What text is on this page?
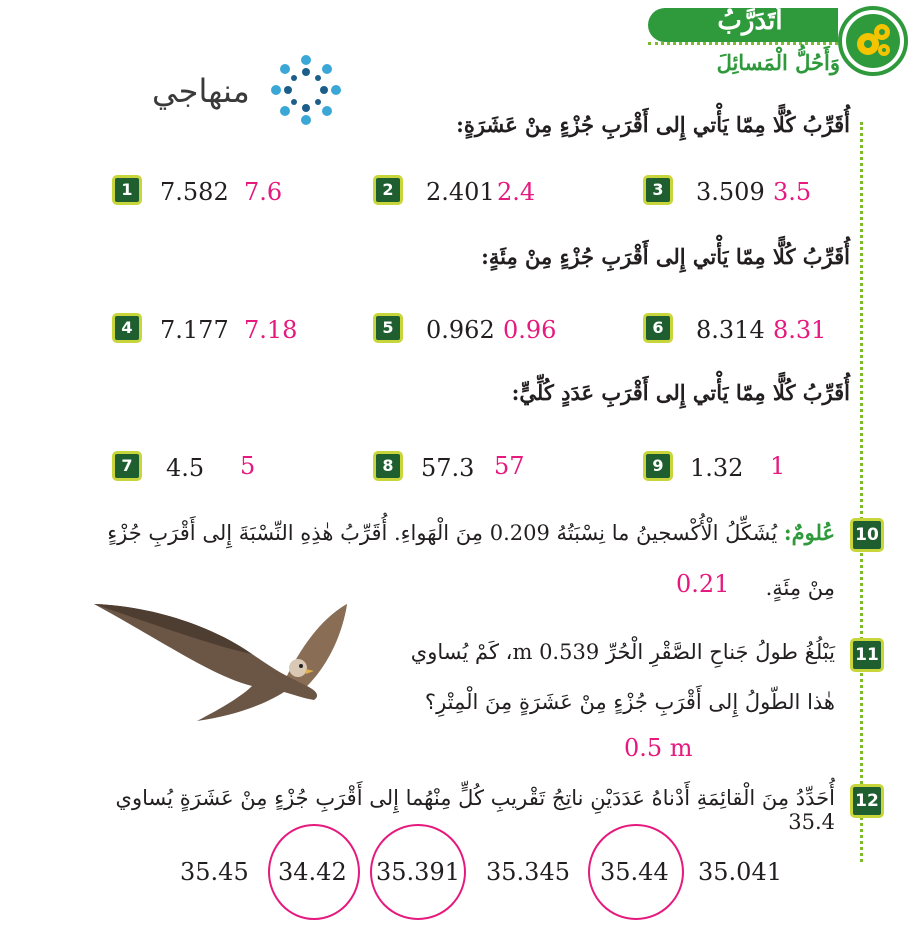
أَتَدَرَّبُ
وَأَحُلُّ الْمَسائِلَ
منهاجي
أُقَرِّبُ كُلًّا مِمّا يَأْتي إِلى أَقْرَبِ جُزْءٍ مِنْ عَشَرَةٍ:
أُقَرِّبُ كُلًّا مِمّا يَأْتي إِلى أَقْرَبِ جُزْءٍ مِنْ مِئَةٍ:
أُقَرِّبُ كُلًّا مِمّا يَأْتي إِلى أَقْرَبِ عَدَدٍ كُلِّيٍّ:
1	7.582 7.6	2	2.401 2.4	3	3.509 3.5
4	7.177 7.18	5	0.962 0.96	6	8.314 8.31
7	4.5 5	8	57.3 57	9	1.32 1
10
عُلومٌ: يُشَكِّلُ الْأُكْسجينُ ما نِسْبَتُهُ 0.209 مِنَ الْهَواءِ. أُقَرِّبُ هٰذِهِ النِّسْبَةَ إِلى أَقْرَبِ جُزْءٍ
مِنْ مِئَةٍ.
0.21
11
يَبْلُغُ طولُ جَناحِ الصَّقْرِ الْحُرِّ 0.539 m، كَمْ يُساوي
هٰذا الطّولُ إِلى أَقْرَبِ جُزْءٍ مِنْ عَشَرَةٍ مِنَ الْمِتْرِ؟
0.5 m
12
أُحَدِّدُ مِنَ الْقائِمَةِ أَدْناهُ عَدَدَيْنِ ناتِجُ تَقْريبِ كُلٍّ مِنْهُما إِلى أَقْرَبِ جُزْءٍ مِنْ عَشَرَةٍ يُساوي 35.4
35.45 34.42 35.391 35.345 35.44 35.041
